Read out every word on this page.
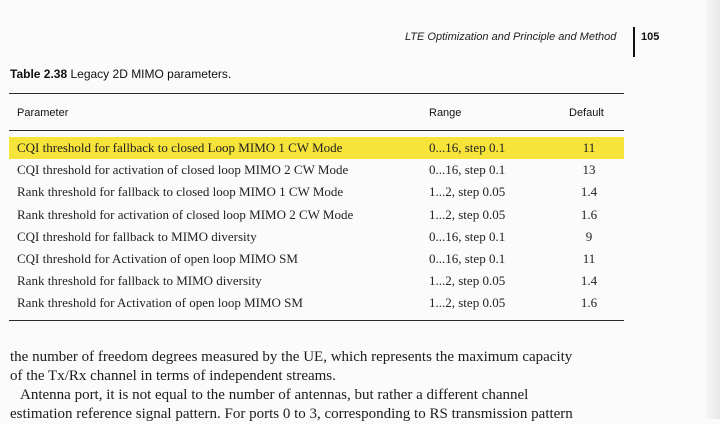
LTE Optimization and Principle and Method 105
Table 2.38 Legacy 2D MIMO parameters.
Parameter	Range	Default
CQI threshold for fallback to closed Loop MIMO 1 CW Mode	0...16, step 0.1	11
CQI threshold for activation of closed loop MIMO 2 CW Mode	0...16, step 0.1	13
Rank threshold for fallback to closed loop MIMO 1 CW Mode	1...2, step 0.05	1.4
Rank threshold for activation of closed loop MIMO 2 CW Mode	1...2, step 0.05	1.6
CQI threshold for fallback to MIMO diversity	0...16, step 0.1	9
CQI threshold for Activation of open loop MIMO SM	0...16, step 0.1	11
Rank threshold for fallback to MIMO diversity	1...2, step 0.05	1.4
Rank threshold for Activation of open loop MIMO SM	1...2, step 0.05	1.6
the number of freedom degrees measured by the UE, which represents the maximum capacity
of the Tx/Rx channel in terms of independent streams.
Antenna port, it is not equal to the number of antennas, but rather a different channel
estimation reference signal pattern. For ports 0 to 3, corresponding to RS transmission pattern
